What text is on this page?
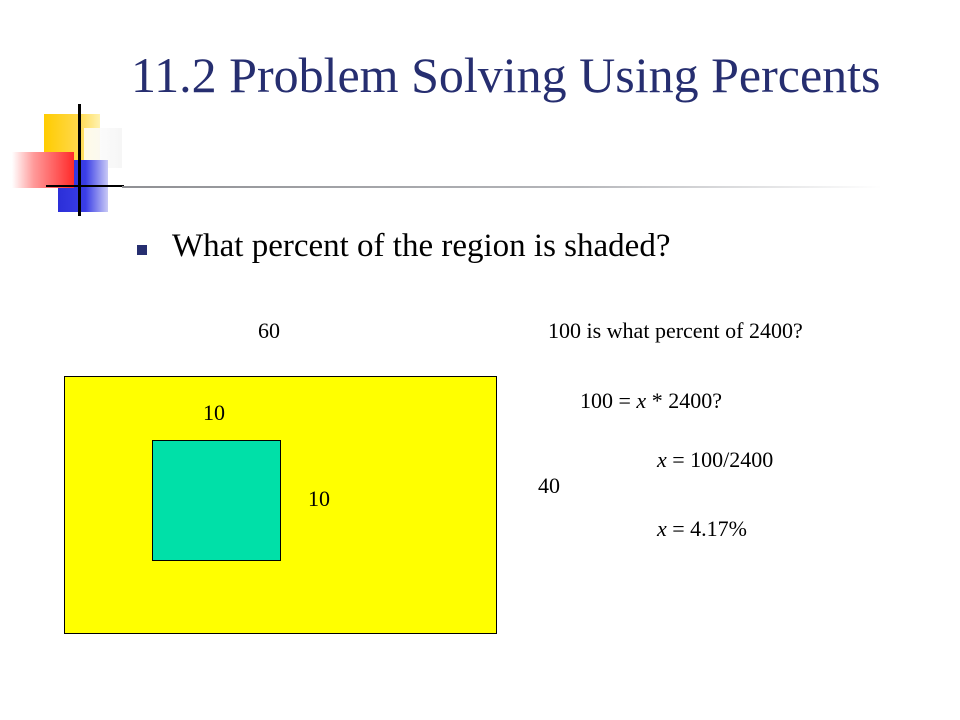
11.2 Problem Solving Using Percents
What percent of the region is shaded?
60
10
10
40
100 is what percent of 2400?
100 = x * 2400?
x = 100/2400
x = 4.17%
